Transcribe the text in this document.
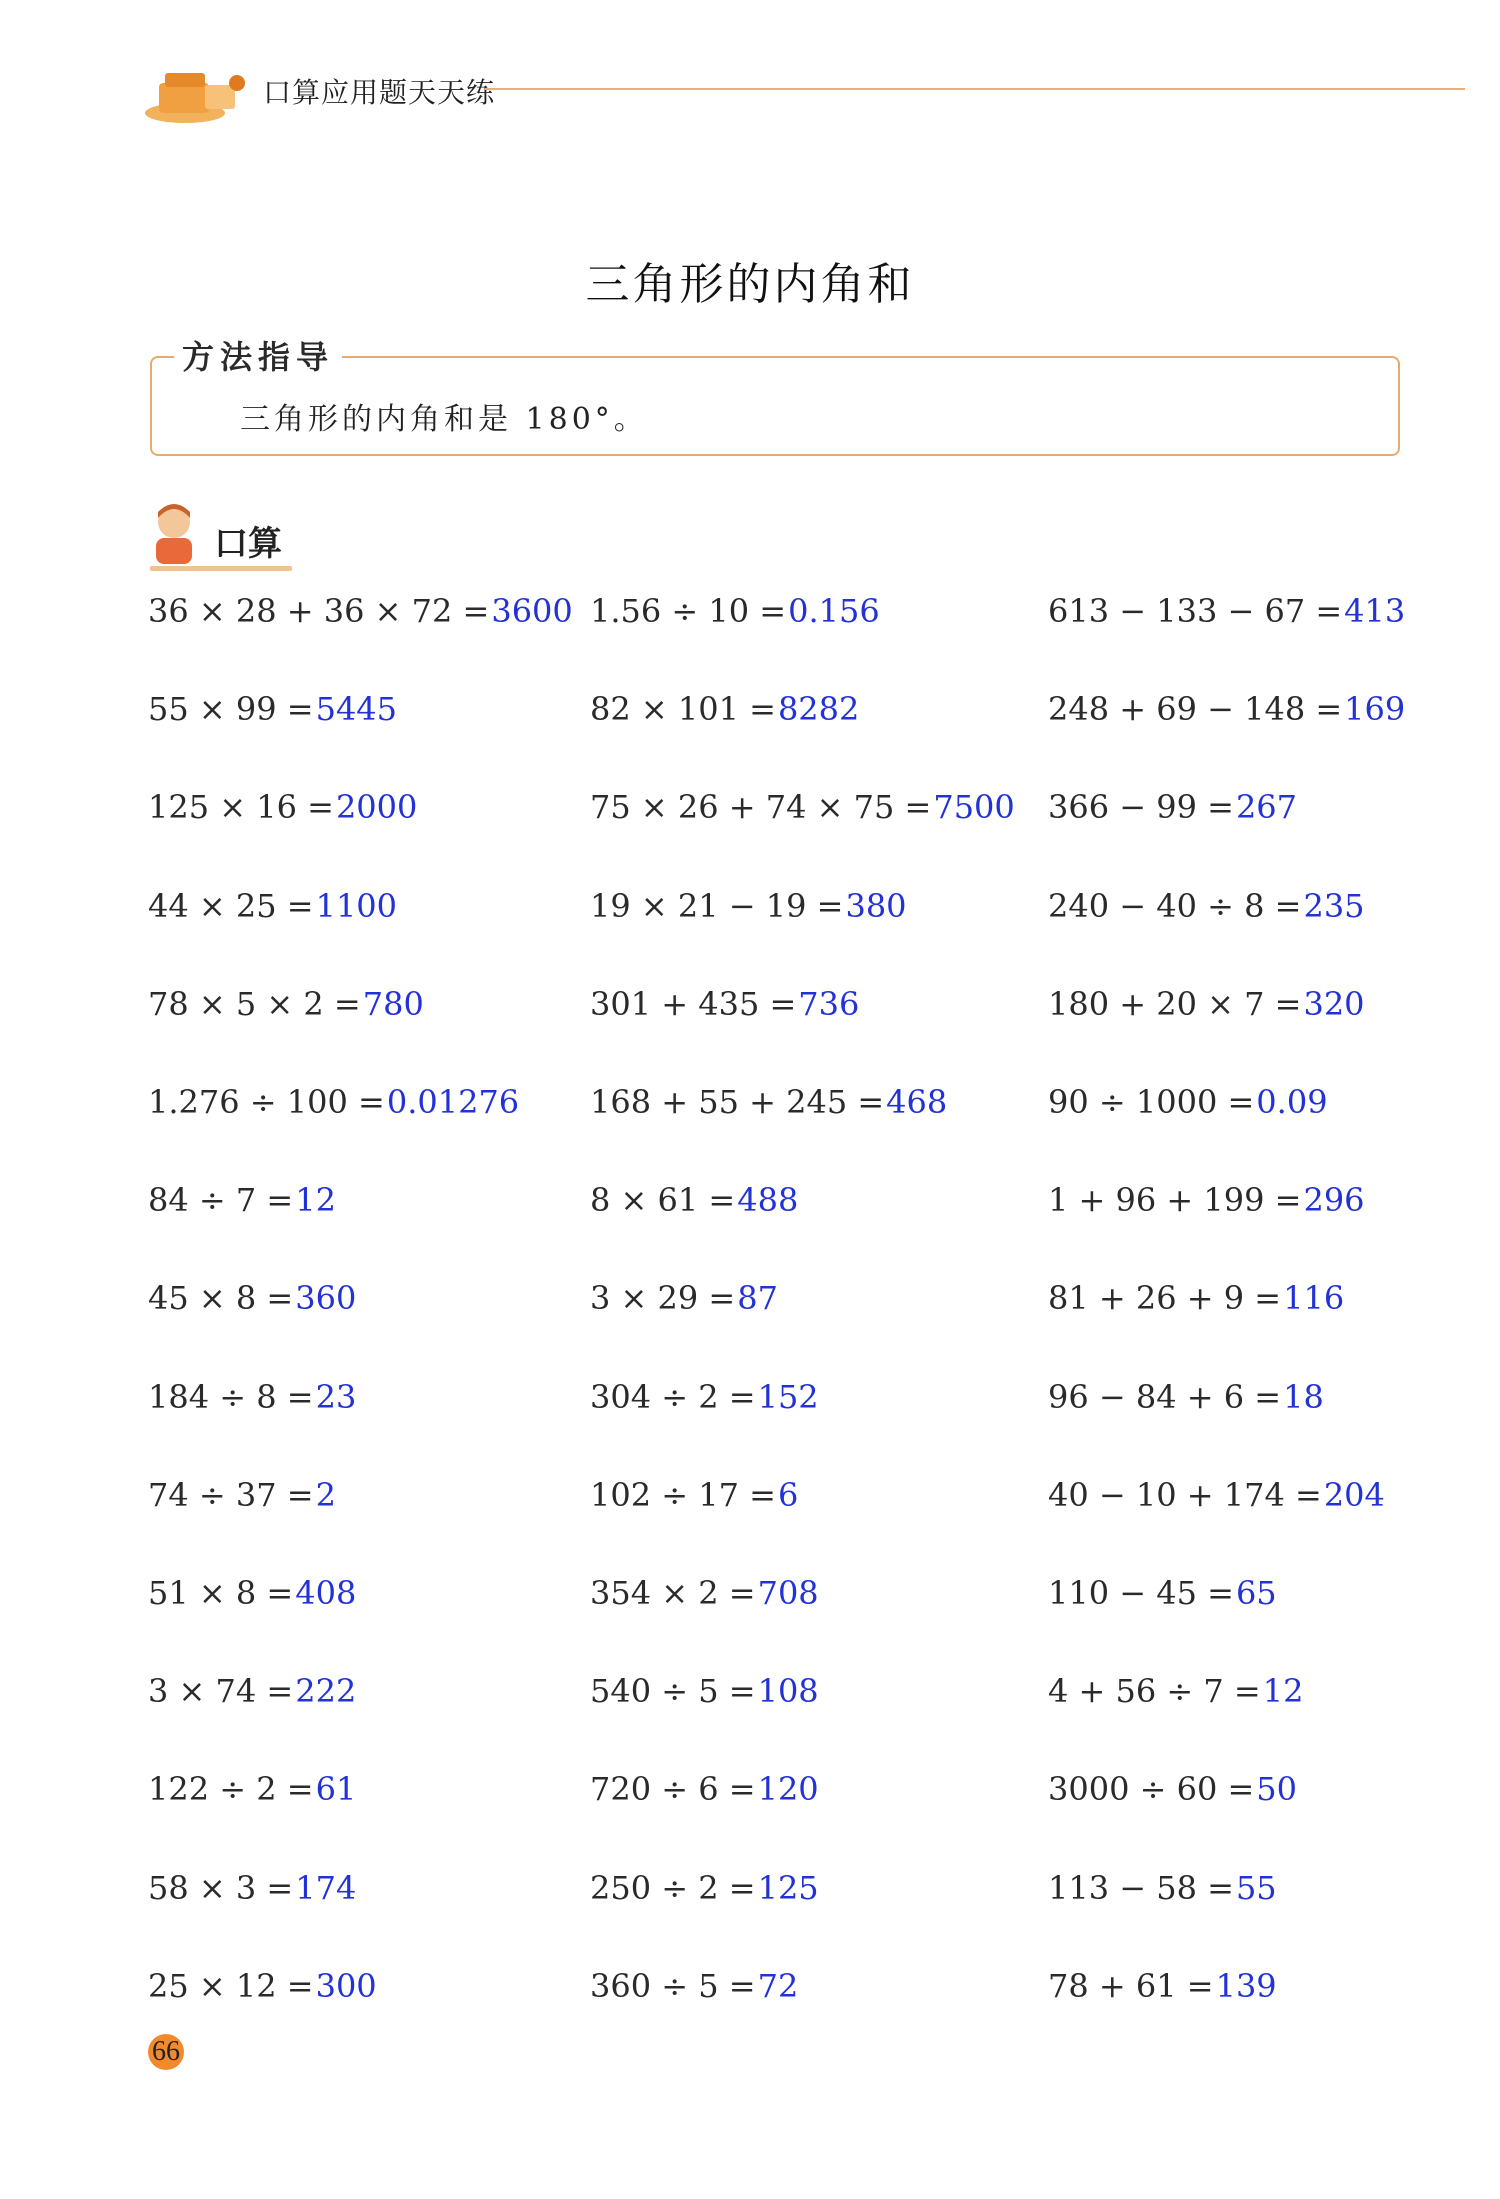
口算应用题天天练
三角形的内角和
方法指导
三角形的内角和是 180°。
口算
36 × 28 + 36 × 72 =3600
55 × 99 =5445
125 × 16 =2000
44 × 25 =1100
78 × 5 × 2 =780
1.276 ÷ 100 =0.01276
84 ÷ 7 =12
45 × 8 =360
184 ÷ 8 =23
74 ÷ 37 =2
51 × 8 =408
3 × 74 =222
122 ÷ 2 =61
58 × 3 =174
25 × 12 =300
1.56 ÷ 10 =0.156
82 × 101 =8282
75 × 26 + 74 × 75 =7500
19 × 21 − 19 =380
301 + 435 =736
168 + 55 + 245 =468
8 × 61 =488
3 × 29 =87
304 ÷ 2 =152
102 ÷ 17 =6
354 × 2 =708
540 ÷ 5 =108
720 ÷ 6 =120
250 ÷ 2 =125
360 ÷ 5 =72
613 − 133 − 67 =413
248 + 69 − 148 =169
366 − 99 =267
240 − 40 ÷ 8 =235
180 + 20 × 7 =320
90 ÷ 1000 =0.09
1 + 96 + 199 =296
81 + 26 + 9 =116
96 − 84 + 6 =18
40 − 10 + 174 =204
110 − 45 =65
4 + 56 ÷ 7 =12
3000 ÷ 60 =50
113 − 58 =55
78 + 61 =139
66
